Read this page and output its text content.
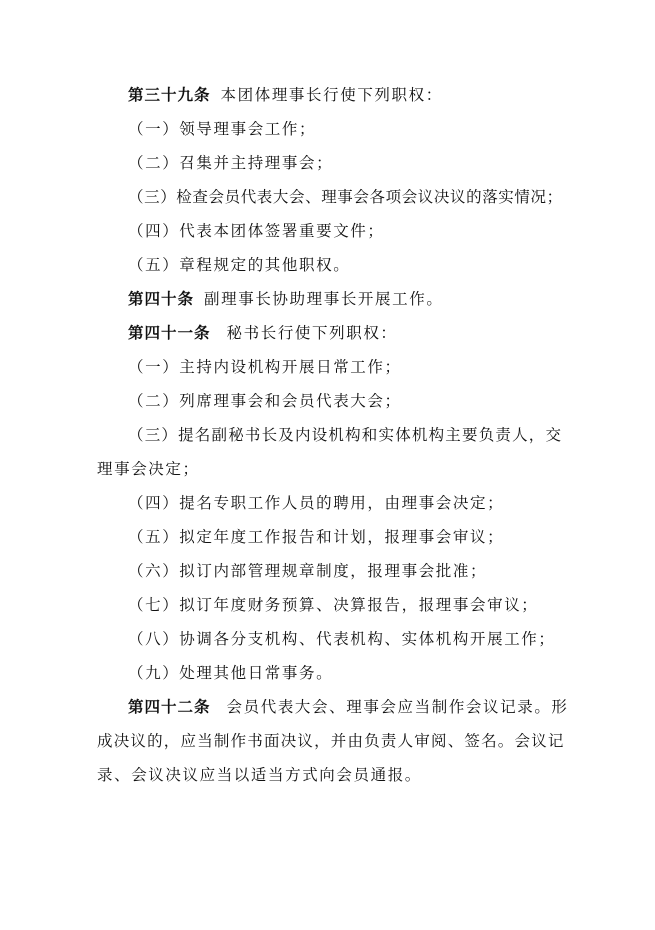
第三十九条 本团体理事长行使下列职权：
（一）领导理事会工作；
（二）召集并主持理事会；
（三）检查会员代表大会、理事会各项会议决议的落实情况；
（四）代表本团体签署重要文件；
（五）章程规定的其他职权。
第四十条 副理事长协助理事长开展工作。
第四十一条 秘书长行使下列职权：
（一）主持内设机构开展日常工作；
（二）列席理事会和会员代表大会；
（三）提名副秘书长及内设机构和实体机构主要负责人，交
理事会决定；
（四）提名专职工作人员的聘用，由理事会决定；
（五）拟定年度工作报告和计划，报理事会审议；
（六）拟订内部管理规章制度，报理事会批准；
（七）拟订年度财务预算、决算报告，报理事会审议；
（八）协调各分支机构、代表机构、实体机构开展工作；
（九）处理其他日常事务。
第四十二条 会员代表大会、理事会应当制作会议记录。形
成决议的，应当制作书面决议，并由负责人审阅、签名。会议记
录、会议决议应当以适当方式向会员通报。
